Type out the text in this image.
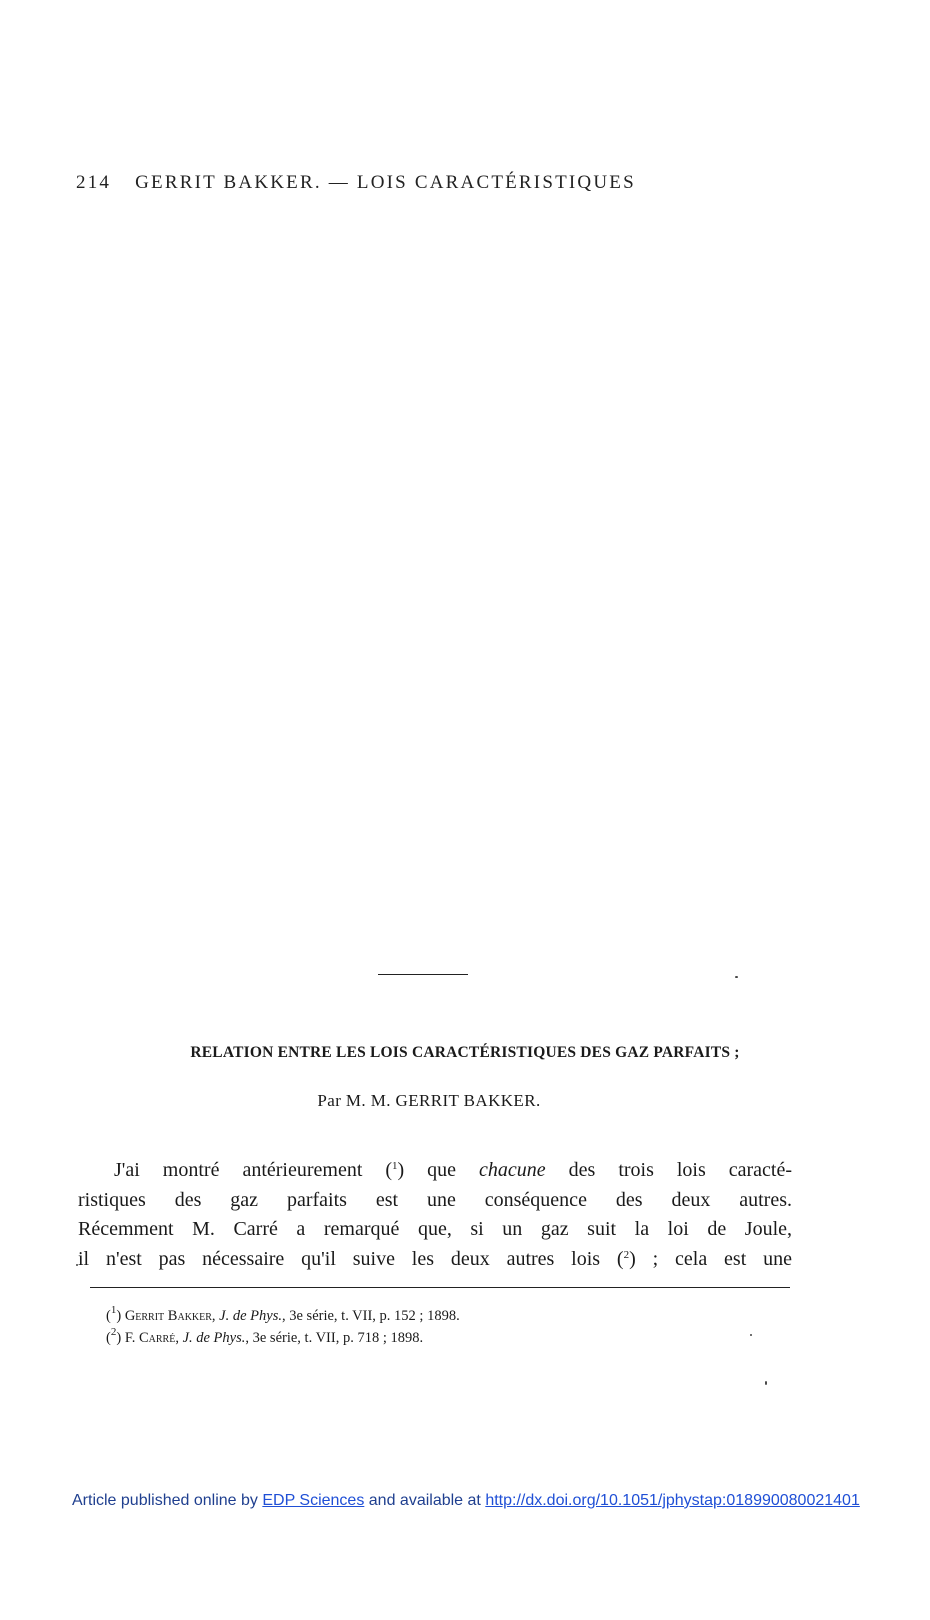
214 GERRIT BAKKER. — LOIS CARACTÉRISTIQUES
RELATION ENTRE LES LOIS CARACTÉRISTIQUES DES GAZ PARFAITS ;
Par M. M. GERRIT BAKKER.
J'ai montré antérieurement ($^1$) que chacune des trois lois caracté-
ristiques des gaz parfaits est une conséquence des deux autres.
Récemment M. Carré a remarqué que, si un gaz suit la loi de Joule,
il n'est pas nécessaire qu'il suive les deux autres lois ($^2$) ; cela est une
($^1$) Gerrit Bakker, J. de Phys., 3e série, t. VII, p. 152 ; 1898.
($^2$) F. Carré, J. de Phys., 3e série, t. VII, p. 718 ; 1898.
Article published online by EDP Sciences and available at http://dx.doi.org/10.1051/jphystap:018990080021401
